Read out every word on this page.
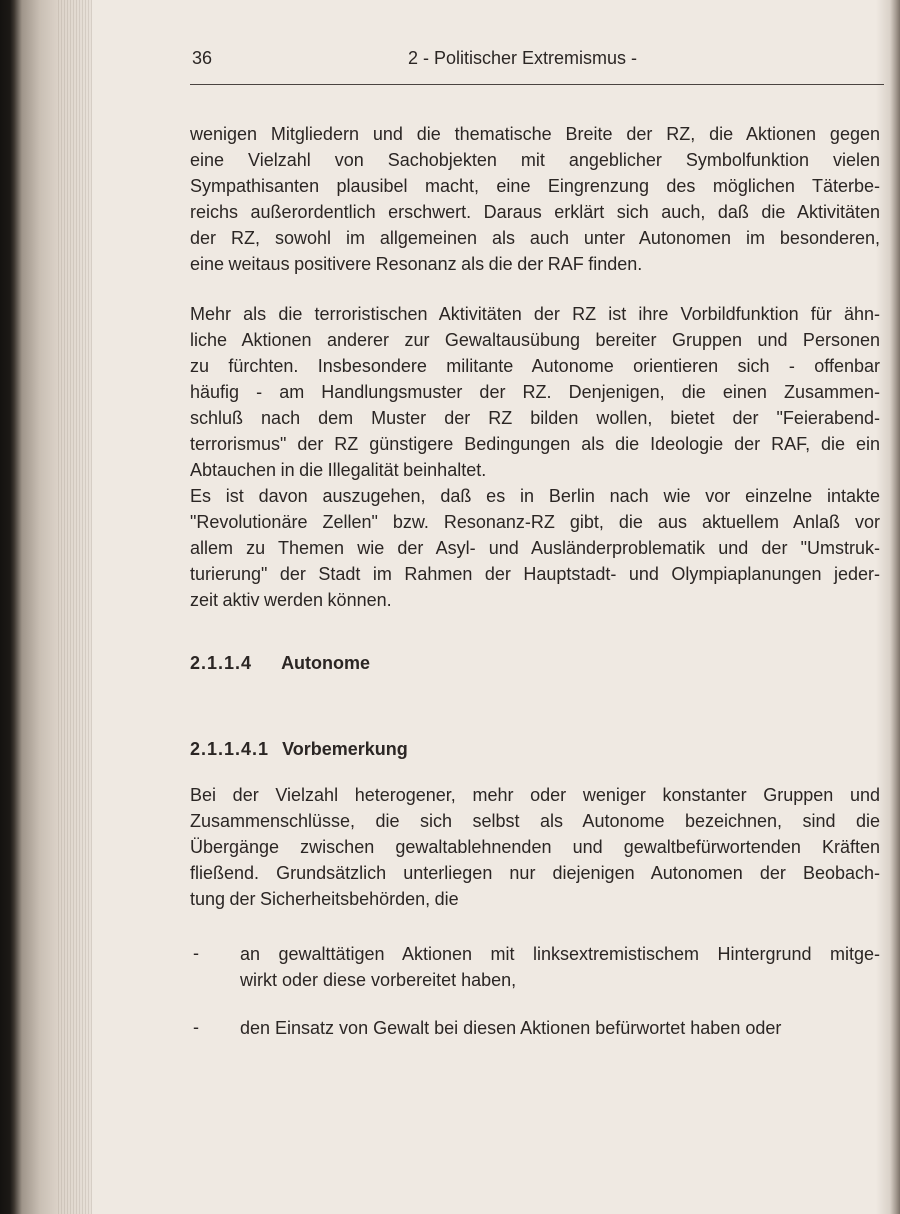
36	2 - Politischer Extremismus -

wenigen Mitgliedern und die thematische Breite der RZ, die Aktionen gegen

eine Vielzahl von Sachobjekten mit angeblicher Symbolfunktion vielen

Sympathisanten plausibel macht, eine Eingrenzung des möglichen Täterbe-

reichs außerordentlich erschwert. Daraus erklärt sich auch, daß die Aktivitäten

der RZ, sowohl im allgemeinen als auch unter Autonomen im besonderen,

eine weitaus positivere Resonanz als die der RAF finden.

Mehr als die terroristischen Aktivitäten der RZ ist ihre Vorbildfunktion für ähn-

liche Aktionen anderer zur Gewaltausübung bereiter Gruppen und Personen

zu fürchten. Insbesondere militante Autonome orientieren sich - offenbar

häufig - am Handlungsmuster der RZ. Denjenigen, die einen Zusammen-

schluß nach dem Muster der RZ bilden wollen, bietet der "Feierabend-

terrorismus" der RZ günstigere Bedingungen als die Ideologie der RAF, die ein

Abtauchen in die Illegalität beinhaltet.

Es ist davon auszugehen, daß es in Berlin nach wie vor einzelne intakte

"Revolutionäre Zellen" bzw. Resonanz-RZ gibt, die aus aktuellem Anlaß vor

allem zu Themen wie der Asyl- und Ausländerproblematik und der "Umstruk-

turierung" der Stadt im Rahmen der Hauptstadt- und Olympiaplanungen jeder-

zeit aktiv werden können.

2.1.1.4 Autonome
2.1.1.4.1 Vorbemerkung

Bei der Vielzahl heterogener, mehr oder weniger konstanter Gruppen und

Zusammenschlüsse, die sich selbst als Autonome bezeichnen, sind die

Übergänge zwischen gewaltablehnenden und gewaltbefürwortenden Kräften

fließend. Grundsätzlich unterliegen nur diejenigen Autonomen der Beobach-

tung der Sicherheitsbehörden, die

- an gewalttätigen Aktionen mit linksextremistischem Hintergrund mitge-
wirkt oder diese vorbereitet haben,
- den Einsatz von Gewalt bei diesen Aktionen befürwortet haben oder
